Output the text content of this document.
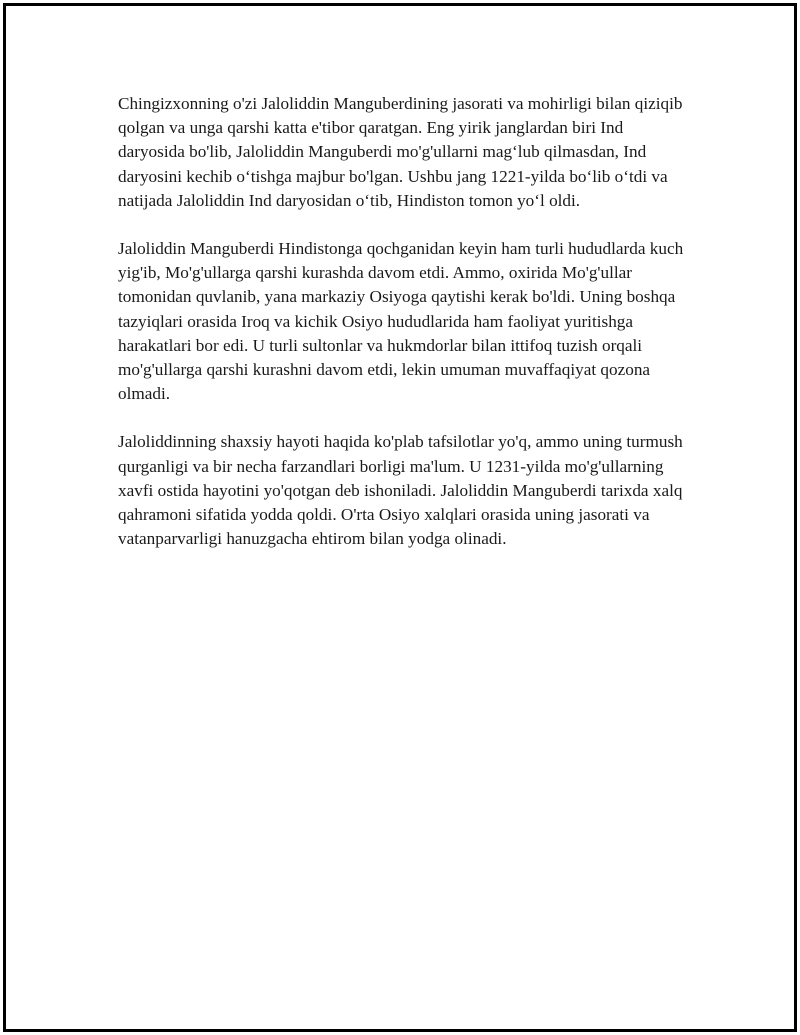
Chingizxonning o'zi Jaloliddin Manguberdining jasorati va mohirligi bilan qiziqib qolgan va unga qarshi katta e'tibor qaratgan. Eng yirik janglardan biri Ind daryosida bo'lib, Jaloliddin Manguberdi mo'g'ullarni mag‘lub qilmasdan, Ind daryosini kechib o‘tishga majbur bo'lgan. Ushbu jang 1221-yilda bo‘lib o‘tdi va natijada Jaloliddin Ind daryosidan o‘tib, Hindiston tomon yo‘l oldi.

Jaloliddin Manguberdi Hindistonga qochganidan keyin ham turli hududlarda kuch yig'ib, Mo'g'ullarga qarshi kurashda davom etdi. Ammo, oxirida Mo'g'ullar tomonidan quvlanib, yana markaziy Osiyoga qaytishi kerak bo'ldi. Uning boshqa tazyiqlari orasida Iroq va kichik Osiyo hududlarida ham faoliyat yuritishga harakatlari bor edi. U turli sultonlar va hukmdorlar bilan ittifoq tuzish orqali mo'g'ullarga qarshi kurashni davom etdi, lekin umuman muvaffaqiyat qozona olmadi.

Jaloliddinning shaxsiy hayoti haqida ko'plab tafsilotlar yo'q, ammo uning turmush qurganligi va bir necha farzandlari borligi ma'lum. U 1231-yilda mo'g'ullarning xavfi ostida hayotini yo'qotgan deb ishoniladi. Jaloliddin Manguberdi tarixda xalq qahramoni sifatida yodda qoldi. O'rta Osiyo xalqlari orasida uning jasorati va vatanparvarligi hanuzgacha ehtirom bilan yodga olinadi.
